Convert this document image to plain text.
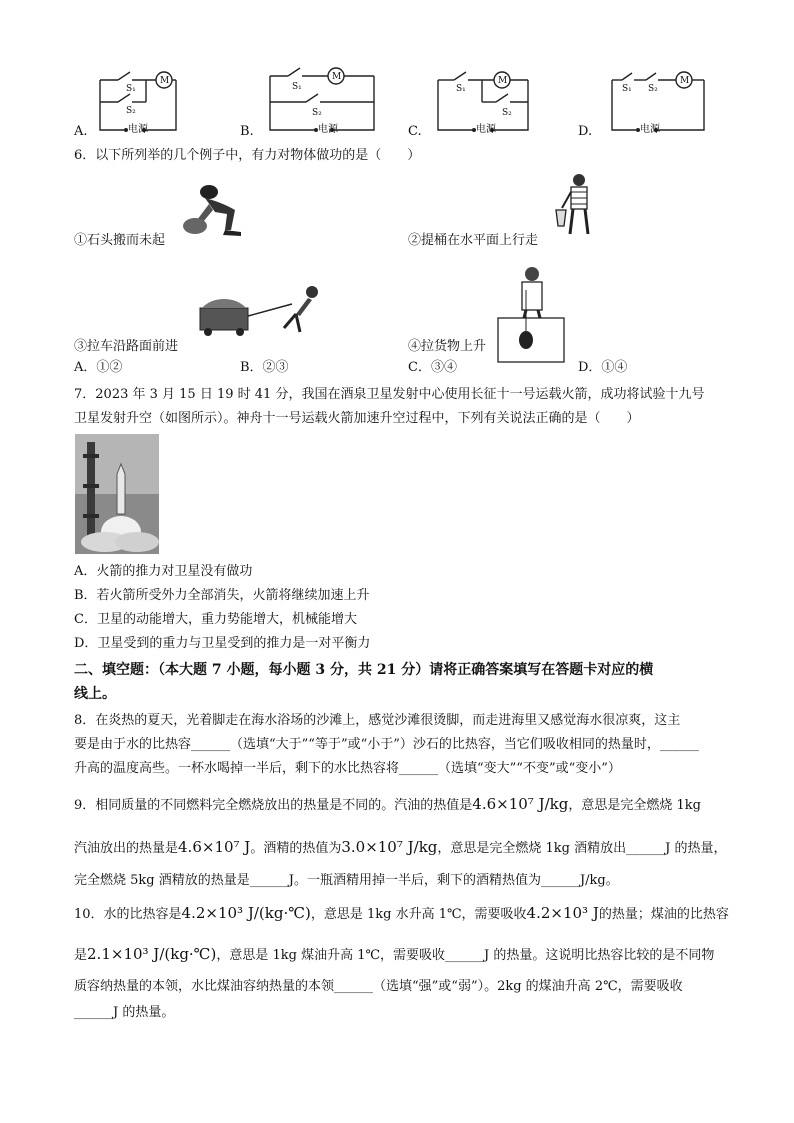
M
S₁
S₂
电源
A.
M
S₁
S₂
电源
B.
M
S₁
S₂
电源
C.
M
S₁ S₂
电源
D.
6．以下所列举的几个例子中，有力对物体做功的是（　　）
①石头搬而未起	②提桶在水平面上行走
③拉车沿路面前进	④拉货物上升
A．①②	B．②③	C．③④	D．①④
7．2023 年 3 月 15 日 19 时 41 分，我国在酒泉卫星发射中心使用长征十一号运载火箭，成功将试验十九号
卫星发射升空（如图所示）。神舟十一号运载火箭加速升空过程中，下列有关说法正确的是（　　）
A．火箭的推力对卫星没有做功
B．若火箭所受外力全部消失，火箭将继续加速上升
C．卫星的动能增大，重力势能增大，机械能增大
D．卫星受到的重力与卫星受到的推力是一对平衡力
二、填空题：（本大题 7 小题，每小题 3 分，共 21 分）请将正确答案填写在答题卡对应的横
线上。
8．在炎热的夏天，光着脚走在海水浴场的沙滩上，感觉沙滩很烫脚，而走进海里又感觉海水很凉爽，这主
要是由于水的比热容______（选填“大于”“等于”或“小于”）沙石的比热容，当它们吸收相同的热量时，______
升高的温度高些。一杯水喝掉一半后，剩下的水比热容将______（选填“变大”“不变”或“变小”）
9．相同质量的不同燃料完全燃烧放出的热量是不同的。汽油的热值是4.6×10⁷ J/kg，意思是完全燃烧 1kg
汽油放出的热量是4.6×10⁷ J。酒精的热值为3.0×10⁷ J/kg，意思是完全燃烧 1kg 酒精放出______J 的热量，
完全燃烧 5kg 酒精放的热量是______J。一瓶酒精用掉一半后，剩下的酒精热值为______J/kg。
10．水的比热容是4.2×10³ J/(kg·℃)，意思是 1kg 水升高 1℃，需要吸收4.2×10³ J的热量；煤油的比热容
是2.1×10³ J/(kg·℃)，意思是 1kg 煤油升高 1℃，需要吸收______J 的热量。这说明比热容比较的是不同物
质容纳热量的本领，水比煤油容纳热量的本领______（选填“强”或“弱”）。2kg 的煤油升高 2℃，需要吸收
______J 的热量。
